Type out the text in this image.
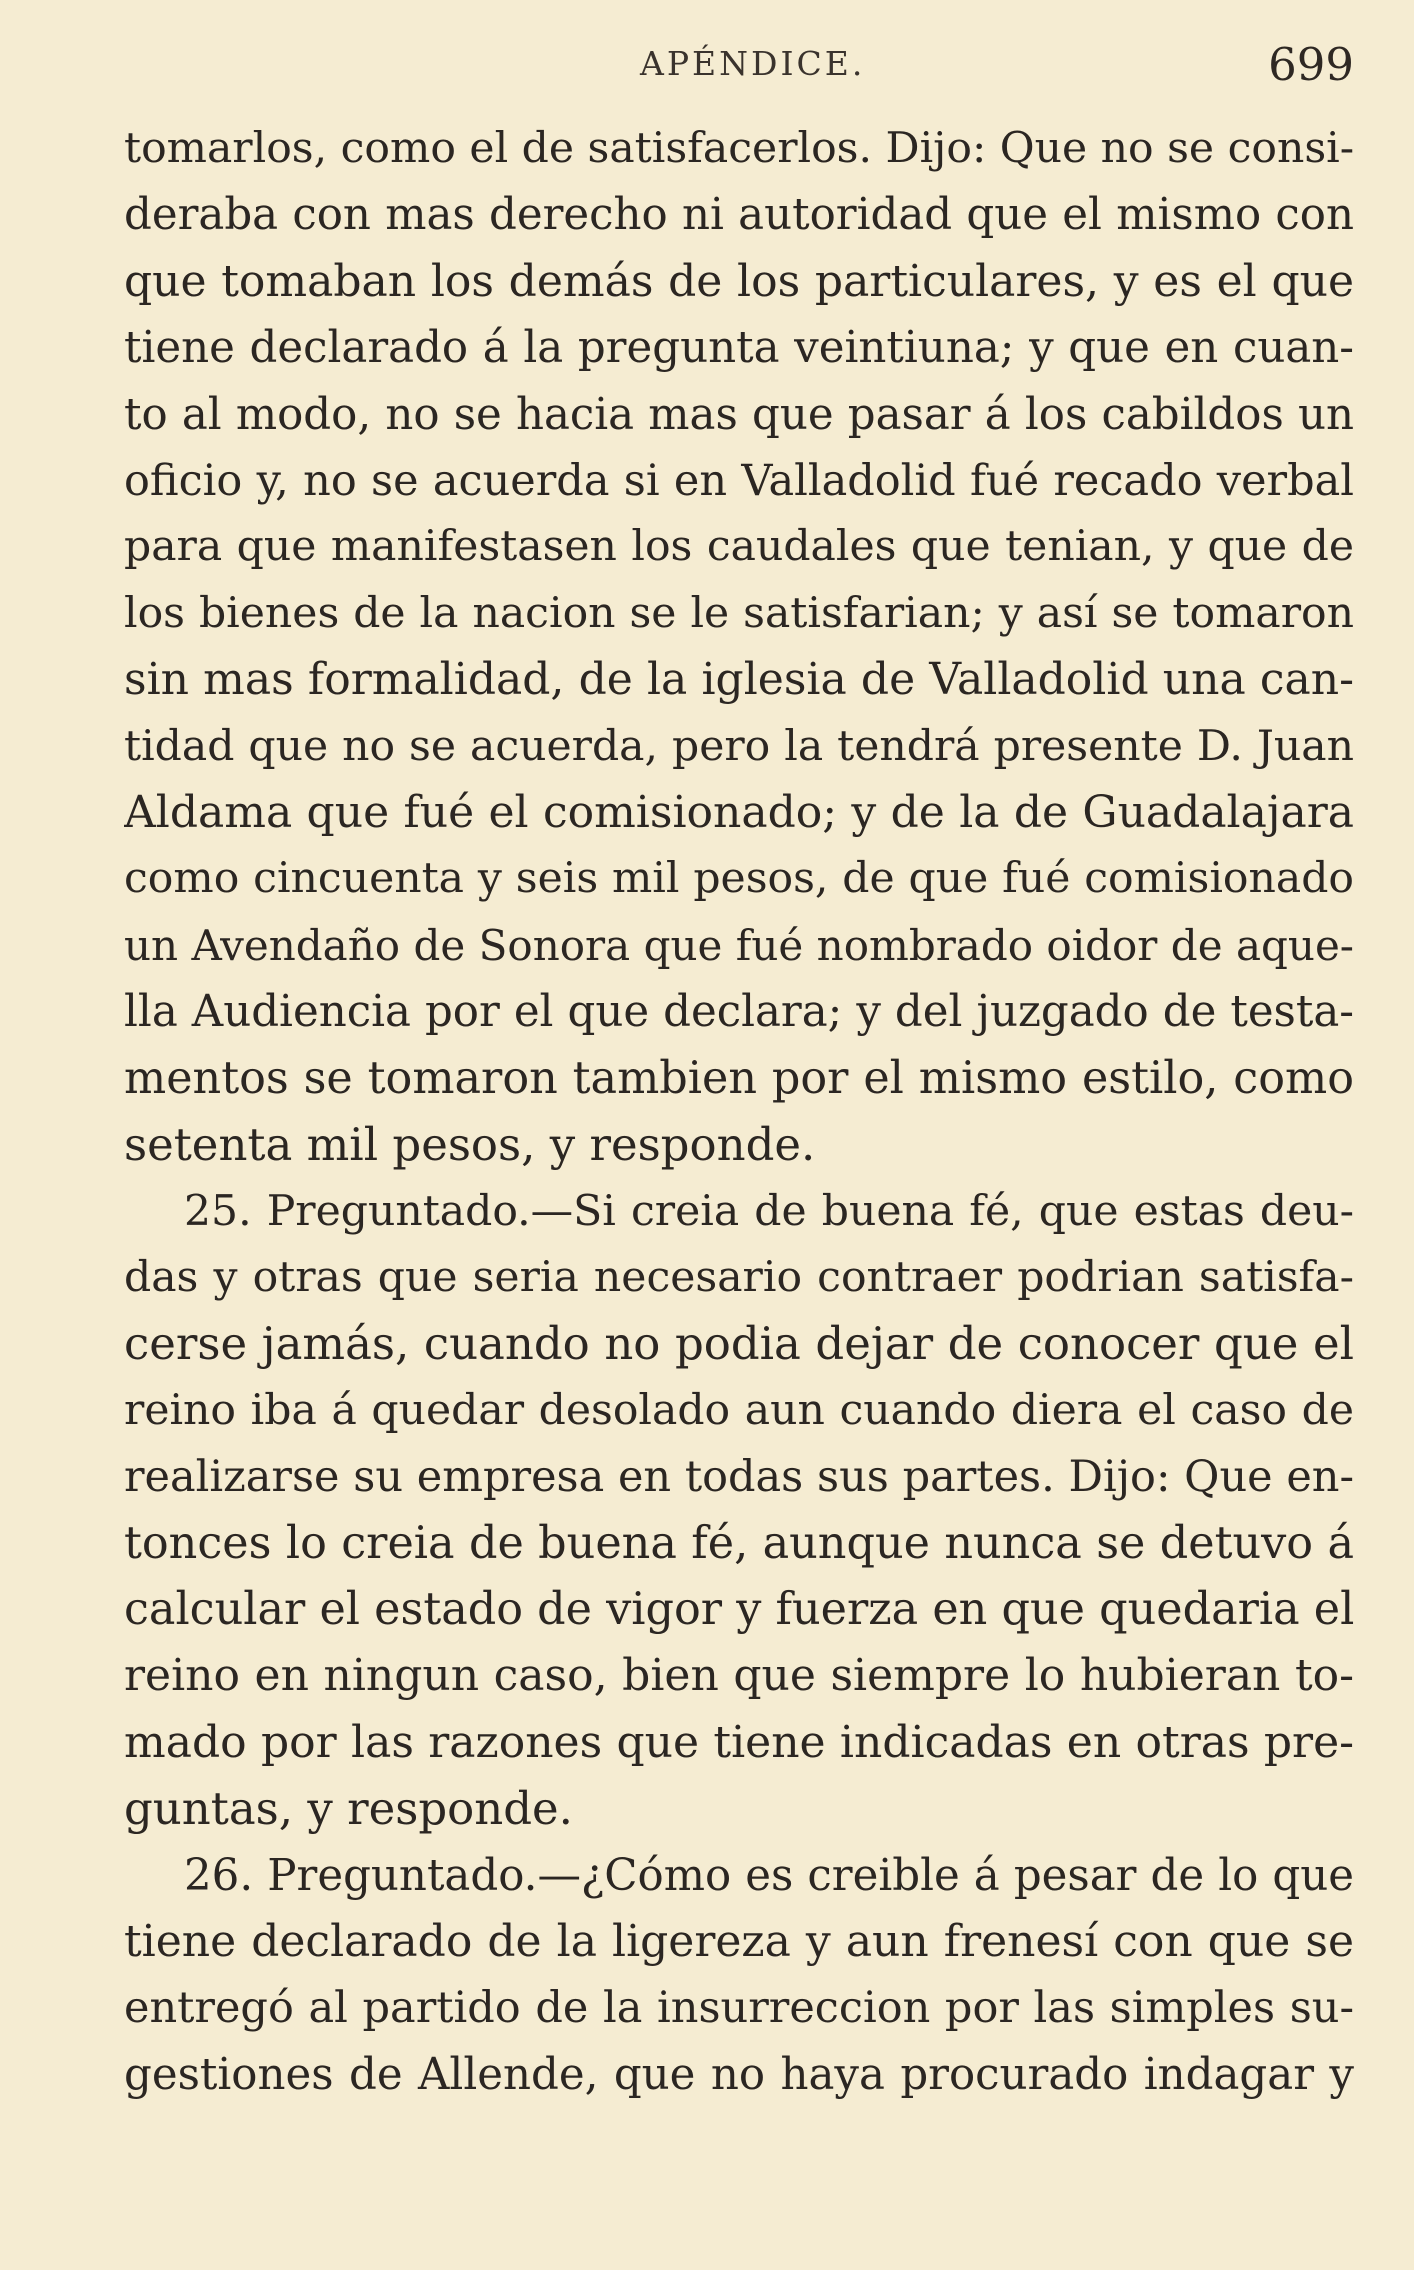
APÉNDICE.	699
tomarlos, como el de satisfacerlos. Dijo: Que no se consi-
deraba con mas derecho ni autoridad que el mismo con
que tomaban los demás de los particulares, y es el que
tiene declarado á la pregunta veintiuna; y que en cuan-
to al modo, no se hacia mas que pasar á los cabildos un
oficio y, no se acuerda si en Valladolid fué recado verbal
para que manifestasen los caudales que tenian, y que de
los bienes de la nacion se le satisfarian; y así se tomaron
sin mas formalidad, de la iglesia de Valladolid una can-
tidad que no se acuerda, pero la tendrá presente D. Juan
Aldama que fué el comisionado; y de la de Guadalajara
como cincuenta y seis mil pesos, de que fué comisionado
un Avendaño de Sonora que fué nombrado oidor de aque-
lla Audiencia por el que declara; y del juzgado de testa-
mentos se tomaron tambien por el mismo estilo, como
setenta mil pesos, y responde.
25. Preguntado.—Si creia de buena fé, que estas deu-
das y otras que seria necesario contraer podrian satisfa-
cerse jamás, cuando no podia dejar de conocer que el
reino iba á quedar desolado aun cuando diera el caso de
realizarse su empresa en todas sus partes. Dijo: Que en-
tonces lo creia de buena fé, aunque nunca se detuvo á
calcular el estado de vigor y fuerza en que quedaria el
reino en ningun caso, bien que siempre lo hubieran to-
mado por las razones que tiene indicadas en otras pre-
guntas, y responde.
26. Preguntado.—¿Cómo es creible á pesar de lo que
tiene declarado de la ligereza y aun frenesí con que se
entregó al partido de la insurreccion por las simples su-
gestiones de Allende, que no haya procurado indagar y
